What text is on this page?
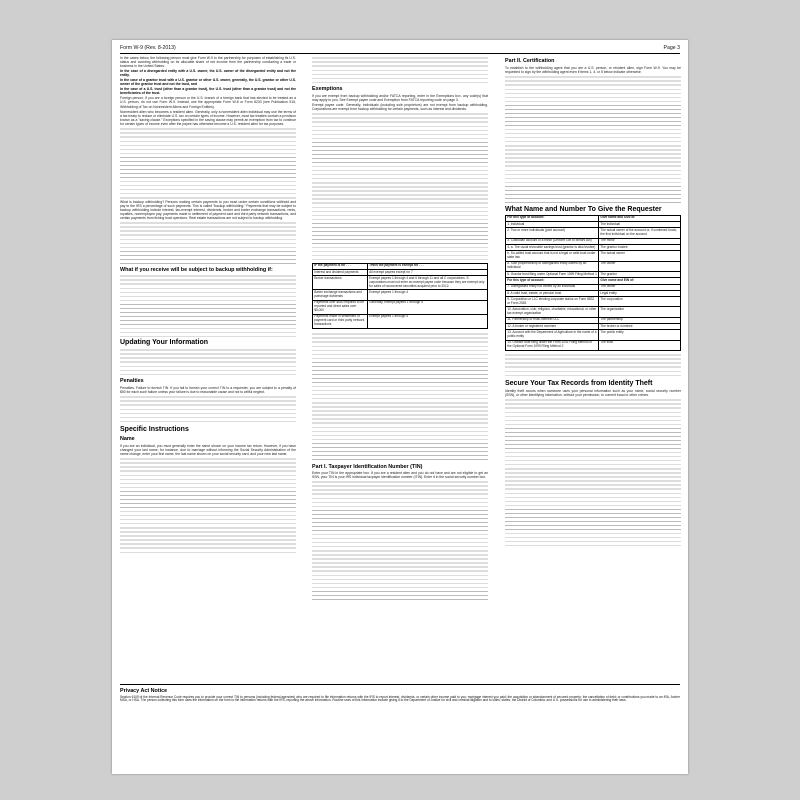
Form W-9 (Rev. 8-2013)	Page 3

In the cases below, the following person must give Form W-9 to the partnership for purposes of establishing its U.S. status and avoiding withholding on its allocable share of net income from the partnership conducting a trade or business in the United States:

In the case of a disregarded entity with a U.S. owner, the U.S. owner of the disregarded entity and not the entity.

In the case of a grantor trust with a U.S. grantor or other U.S. owner, generally, the U.S. grantor or other U.S. owner of the grantor trust and not the trust, and

In the case of a U.S. trust (other than a grantor trust), the U.S. trust (other than a grantor trust) and not the beneficiaries of the trust.

Foreign person. If you are a foreign person or the U.S. branch of a foreign bank that has elected to be treated as a U.S. person, do not use Form W-9. Instead, use the appropriate Form W-8 or Form 8233 (see Publication 515, Withholding of Tax on Nonresident Aliens and Foreign Entities).

Nonresident alien who becomes a resident alien. Generally, only a nonresident alien individual may use the terms of a tax treaty to reduce or eliminate U.S. tax on certain types of income. However, most tax treaties contain a provision known as a "saving clause." Exceptions specified in the saving clause may permit an exemption from tax to continue for certain types of income even after the payee has otherwise become a U.S. resident alien for tax purposes.

What is backup withholding? Persons making certain payments to you must under certain conditions withhold and pay to the IRS a percentage of such payments. This is called "backup withholding." Payments that may be subject to backup withholding include interest, tax-exempt interest, dividends, broker and barter exchange transactions, rents, royalties, nonemployee pay, payments made in settlement of payment card and third party network transactions, and certain payments from fishing boat operators. Real estate transactions are not subject to backup withholding.

What if you receive will be subject to backup withholding if:
Updating Your Information
Penalties

Penalties. Failure to furnish TIN. If you fail to furnish your correct TIN to a requester, you are subject to a penalty of $50 for each such failure unless your failure is due to reasonable cause and not to willful neglect.

Specific Instructions
Name

If you are an individual, you must generally enter the name shown on your income tax return. However, if you have changed your last name, for instance, due to marriage without informing the Social Security Administration of the name change, enter your first name, the last name shown on your social security card, and your new last name.

Exemptions

If you are exempt from backup withholding and/or FATCA reporting, enter in the Exemptions box, any code(s) that may apply to you. See Exempt payee code and Exemption from FATCA reporting code on page 3.

Exempt payee code. Generally, individuals (including sole proprietors) are not exempt from backup withholding. Corporations are exempt from backup withholding for certain payments, such as interest and dividends.

IF the payment is for . . .	THEN the payment is exempt for . . .
Interest and dividend payments	All exempt payees except for 7
Broker transactions	Exempt payees 1 through 4 and 6 through 11 and all C corporations. S corporations must not enter an exempt payee code because they are exempt only for sales of noncovered securities acquired prior to 2012.
Barter exchange transactions and patronage dividends	Exempt payees 1 through 4
Payments over $600 required to be reported and direct sales over $5,000	Generally, exempt payees 1 through 5
Payments made in settlement of payment card or third party network transactions	Exempt payees 1 through 4
Part I. Taxpayer Identification Number (TIN)

Enter your TIN in the appropriate box. If you are a resident alien and you do not have and are not eligible to get an SSN, your TIN is your IRS individual taxpayer identification number (ITIN). Enter it in the social security number box.

Part II. Certification

To establish to the withholding agent that you are a U.S. person, or resident alien, sign Form W-9. You may be requested to sign by the withholding agent even if items 1, 4, or 5 below indicate otherwise.

What Name and Number To Give the Requester
For this type of account:	Give name and SSN of:
1. Individual	The individual
2. Two or more individuals (joint account)	The actual owner of the account or, if combined funds, the first individual on the account
3. Custodian account of a minor (Uniform Gift to Minors Act)	The minor
4. a. The usual revocable savings trust (grantor is also trustee)	The grantor-trustee
b. So-called trust account that is not a legal or valid trust under state law	The actual owner
5. Sole proprietorship or disregarded entity owned by an individual	The owner
6. Grantor trust filing under Optional Form 1099 Filing Method 1	The grantor
For this type of account:	Give name and EIN of:
7. Disregarded entity not owned by an individual	The owner
8. A valid trust, estate, or pension trust	Legal entity
9. Corporation or LLC electing corporate status on Form 8832 or Form 2553	The corporation
10. Association, club, religious, charitable, educational, or other tax-exempt organization	The organization
11. Partnership or multi-member LLC	The partnership
12. A broker or registered nominee	The broker or nominee
13. Account with the Department of Agriculture in the name of a public entity	The public entity
14. Grantor trust filing under the Form 1041 Filing Method or the Optional Form 1099 Filing Method 2	The trust
Secure Your Tax Records from Identity Theft

Identity theft occurs when someone uses your personal information such as your name, social security number (SSN), or other identifying information, without your permission, to commit fraud or other crimes.

Privacy Act Notice

Section 6109 of the Internal Revenue Code requires you to provide your correct TIN to persons (including federal agencies) who are required to file information returns with the IRS to report interest, dividends, or certain other income paid to you; mortgage interest you paid; the acquisition or abandonment of secured property; the cancellation of debt; or contributions you made to an IRA, Archer MSA, or HSA. The person collecting this form uses the information on the form to file information returns with the IRS, reporting the above information. Routine uses of this information include giving it to the Department of Justice for civil and criminal litigation and to cities, states, the District of Columbia, and U.S. possessions for use in administering their laws.
